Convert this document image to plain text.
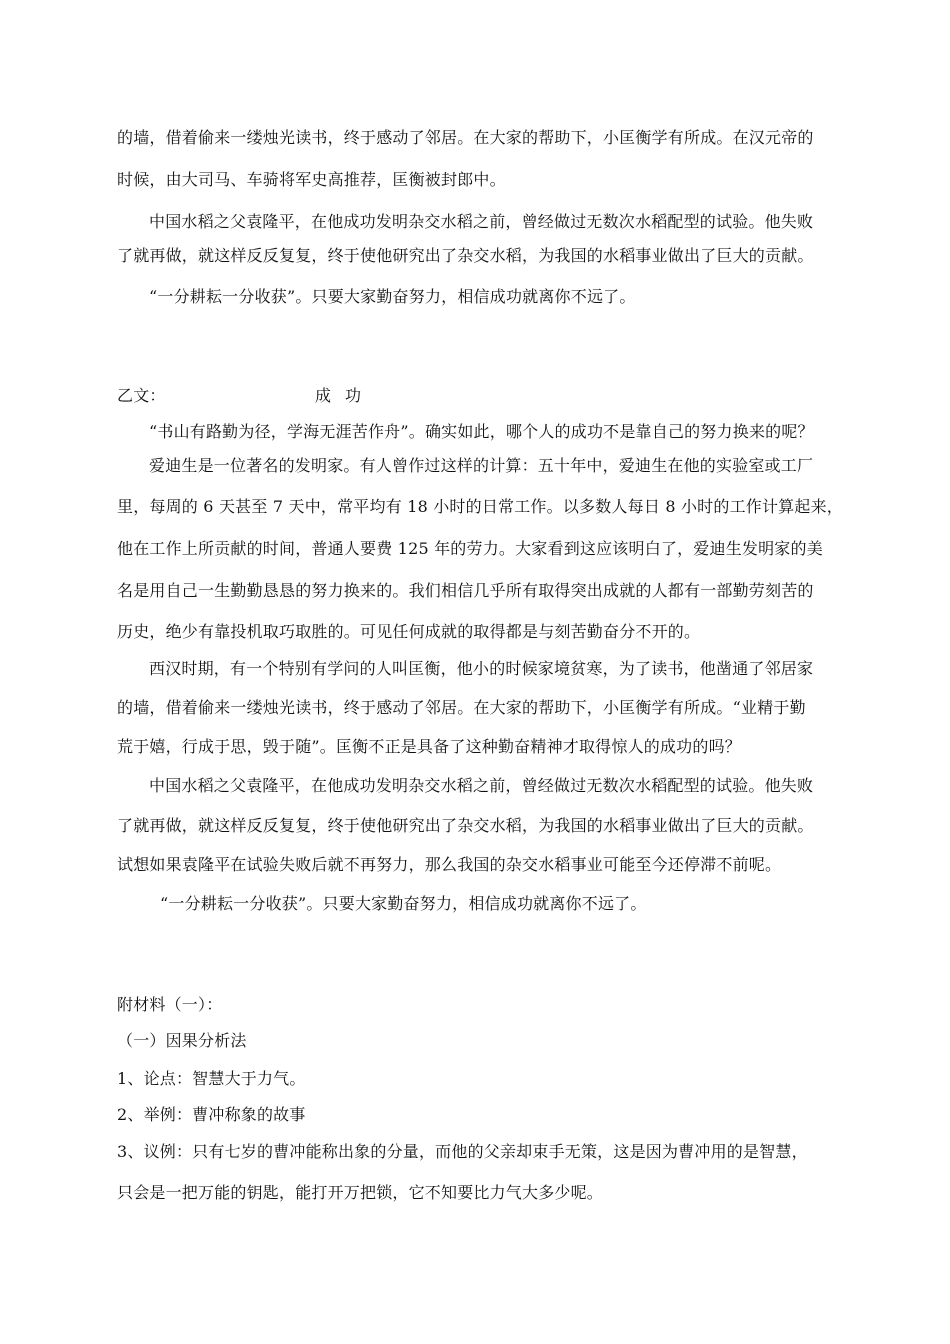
的墙，借着偷来一缕烛光读书，终于感动了邻居。在大家的帮助下，小匡衡学有所成。在汉元帝的
时候，由大司马、车骑将军史高推荐，匡衡被封郎中。
中国水稻之父袁隆平，在他成功发明杂交水稻之前，曾经做过无数次水稻配型的试验。他失败
了就再做，就这样反反复复，终于使他研究出了杂交水稻，为我国的水稻事业做出了巨大的贡献。
“一分耕耘一分收获”。只要大家勤奋努力，相信成功就离你不远了。
乙文：	成功
“书山有路勤为径，学海无涯苦作舟”。确实如此，哪个人的成功不是靠自己的努力换来的呢？
爱迪生是一位著名的发明家。有人曾作过这样的计算：五十年中，爱迪生在他的实验室或工厂
里，每周的 6 天甚至 7 天中，常平均有 18 小时的日常工作。以多数人每日 8 小时的工作计算起来，
他在工作上所贡献的时间，普通人要费 125 年的劳力。大家看到这应该明白了，爱迪生发明家的美
名是用自己一生勤勤恳恳的努力换来的。我们相信几乎所有取得突出成就的人都有一部勤劳刻苦的
历史，绝少有靠投机取巧取胜的。可见任何成就的取得都是与刻苦勤奋分不开的。
西汉时期，有一个特别有学问的人叫匡衡，他小的时候家境贫寒，为了读书，他凿通了邻居家
的墙，借着偷来一缕烛光读书，终于感动了邻居。在大家的帮助下，小匡衡学有所成。“业精于勤
荒于嬉，行成于思，毁于随”。匡衡不正是具备了这种勤奋精神才取得惊人的成功的吗？
中国水稻之父袁隆平，在他成功发明杂交水稻之前，曾经做过无数次水稻配型的试验。他失败
了就再做，就这样反反复复，终于使他研究出了杂交水稻，为我国的水稻事业做出了巨大的贡献。
试想如果袁隆平在试验失败后就不再努力，那么我国的杂交水稻事业可能至今还停滞不前呢。
“一分耕耘一分收获”。只要大家勤奋努力，相信成功就离你不远了。
附材料（一）：
（一）因果分析法
1、论点：智慧大于力气。
2、举例：曹冲称象的故事
3、议例：只有七岁的曹冲能称出象的分量，而他的父亲却束手无策，这是因为曹冲用的是智慧，
只会是一把万能的钥匙，能打开万把锁，它不知要比力气大多少呢。
